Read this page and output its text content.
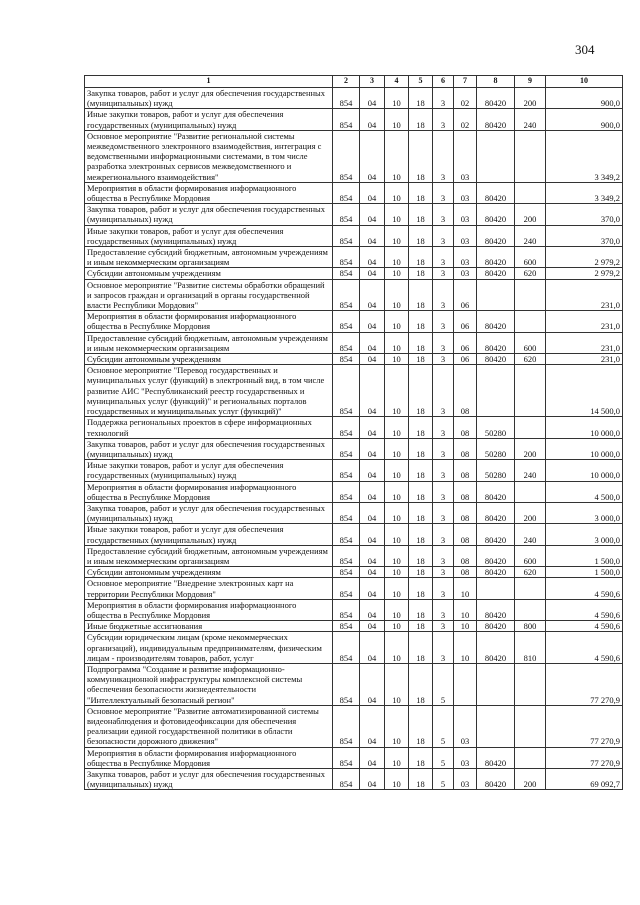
304
1	2	3	4	5	6	7	8	9	10
Закупка товаров, работ и услуг для обеспечения государственных (муниципальных) нужд	854	04	10	18	3	02	80420	200	900,0
Иные закупки товаров, работ и услуг для обеспечения государственных (муниципальных) нужд	854	04	10	18	3	02	80420	240	900,0
Основное мероприятие "Развитие региональной системы межведомственного электронного взаимодействия, интеграция с ведомственными информационными системами, в том числе разработка электронных сервисов межведомственного и межрегионального взаимодействия"	854	04	10	18	3	03			3 349,2
Мероприятия в области формирования информационного общества в Республике Мордовия	854	04	10	18	3	03	80420		3 349,2
Закупка товаров, работ и услуг для обеспечения государственных (муниципальных) нужд	854	04	10	18	3	03	80420	200	370,0
Иные закупки товаров, работ и услуг для обеспечения государственных (муниципальных) нужд	854	04	10	18	3	03	80420	240	370,0
Предоставление субсидий бюджетным, автономным учреждениям и иным некоммерческим организациям	854	04	10	18	3	03	80420	600	2 979,2
Субсидии автономным учреждениям	854	04	10	18	3	03	80420	620	2 979,2
Основное мероприятие "Развитие системы обработки обращений и запросов граждан и организаций в органы государственной власти Республики Мордовия"	854	04	10	18	3	06			231,0
Мероприятия в области формирования информационного общества в Республике Мордовия	854	04	10	18	3	06	80420		231,0
Предоставление субсидий бюджетным, автономным учреждениям и иным некоммерческим организациям	854	04	10	18	3	06	80420	600	231,0
Субсидии автономным учреждениям	854	04	10	18	3	06	80420	620	231,0
Основное мероприятие "Перевод государственных и муниципальных услуг (функций) в электронный вид, в том числе развитие АИС "Республиканский реестр государственных и муниципальных услуг (функций)" и региональных порталов государственных и муниципальных услуг (функций)"	854	04	10	18	3	08			14 500,0
Поддержка региональных проектов в сфере информационных технологий	854	04	10	18	3	08	50280		10 000,0
Закупка товаров, работ и услуг для обеспечения государственных (муниципальных) нужд	854	04	10	18	3	08	50280	200	10 000,0
Иные закупки товаров, работ и услуг для обеспечения государственных (муниципальных) нужд	854	04	10	18	3	08	50280	240	10 000,0
Мероприятия в области формирования информационного общества в Республике Мордовия	854	04	10	18	3	08	80420		4 500,0
Закупка товаров, работ и услуг для обеспечения государственных (муниципальных) нужд	854	04	10	18	3	08	80420	200	3 000,0
Иные закупки товаров, работ и услуг для обеспечения государственных (муниципальных) нужд	854	04	10	18	3	08	80420	240	3 000,0
Предоставление субсидий бюджетным, автономным учреждениям и иным некоммерческим организациям	854	04	10	18	3	08	80420	600	1 500,0
Субсидии автономным учреждениям	854	04	10	18	3	08	80420	620	1 500,0
Основное мероприятие "Внедрение электронных карт на территории Республики Мордовия"	854	04	10	18	3	10			4 590,6
Мероприятия в области формирования информационного общества в Республике Мордовия	854	04	10	18	3	10	80420		4 590,6
Иные бюджетные ассигнования	854	04	10	18	3	10	80420	800	4 590,6
Субсидии юридическим лицам (кроме некоммерческих организаций), индивидуальным предпринимателям, физическим лицам - производителям товаров, работ, услуг	854	04	10	18	3	10	80420	810	4 590,6
Подпрограмма "Создание и развитие информационно-коммуникационной инфраструктуры комплексной системы обеспечения безопасности жизнедеятельности "Интеллектуальный безопасный регион"	854	04	10	18	5				77 270,9
Основное мероприятие "Развитие автоматизированной системы видеонаблюдения и фотовидеофиксации для обеспечения реализации единой государственной политики в области безопасности дорожного движения"	854	04	10	18	5	03			77 270,9
Мероприятия в области формирования информационного общества в Республике Мордовия	854	04	10	18	5	03	80420		77 270,9
Закупка товаров, работ и услуг для обеспечения государственных (муниципальных) нужд	854	04	10	18	5	03	80420	200	69 092,7
